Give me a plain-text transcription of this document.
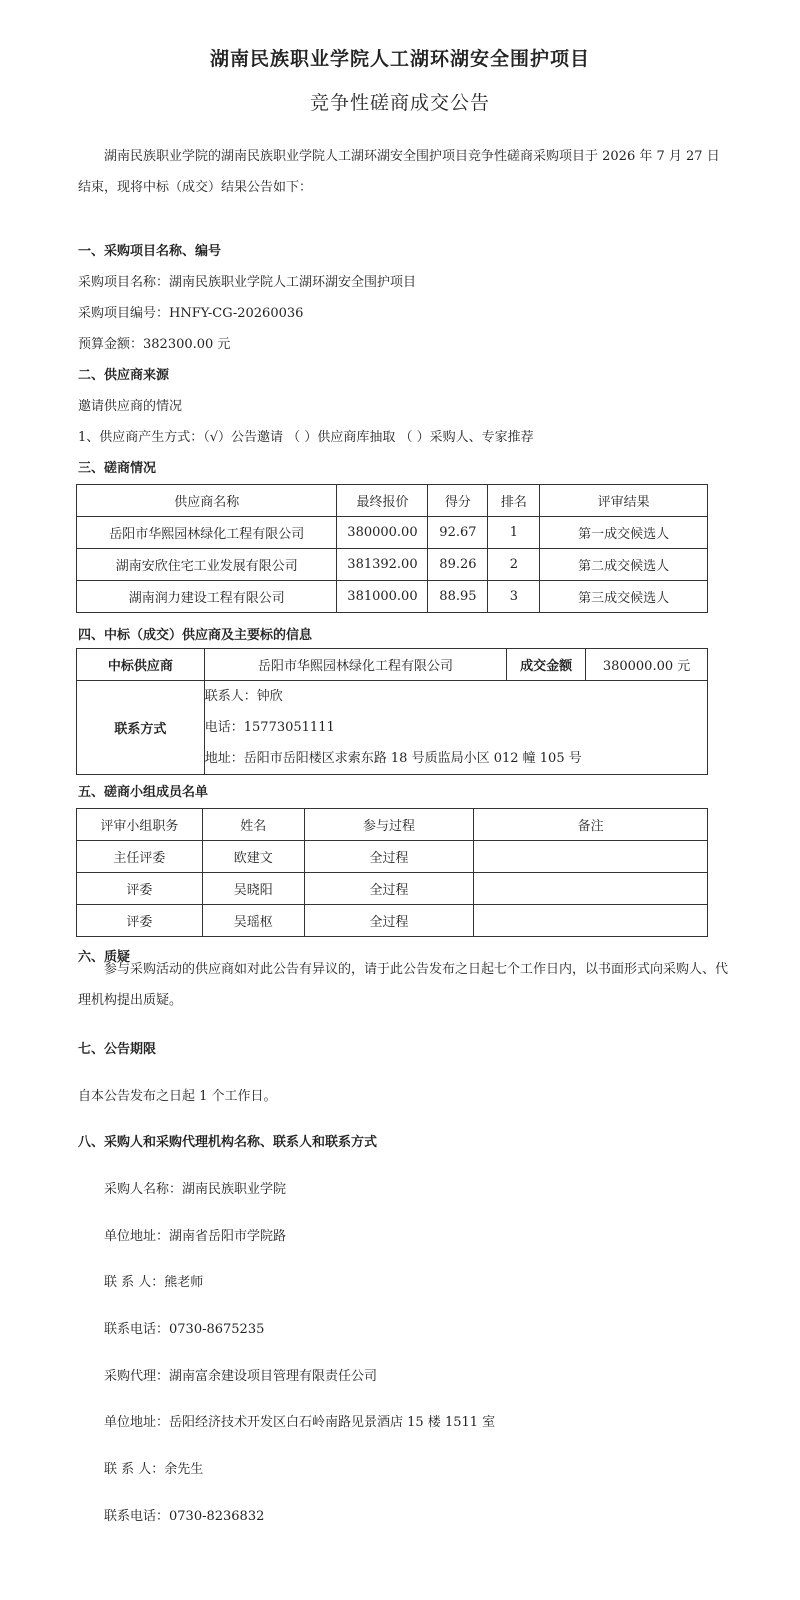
湖南民族职业学院人工湖环湖安全围护项目
竞争性磋商成交公告
湖南民族职业学院的湖南民族职业学院人工湖环湖安全围护项目竞争性磋商采购项目于 2026 年 7 月 27 日结束，现将中标（成交）结果公告如下：
一、采购项目名称、编号
采购项目名称：湖南民族职业学院人工湖环湖安全围护项目
采购项目编号：HNFY-CG-20260036
预算金额：382300.00 元
二、供应商来源
邀请供应商的情况
1、供应商产生方式：（√）公告邀请 （ ）供应商库抽取 （ ）采购人、专家推荐
三、磋商情况
供应商名称	最终报价	得分	排名	评审结果
岳阳市华熙园林绿化工程有限公司	380000.00	92.67	1	第一成交候选人
湖南安欣住宅工业发展有限公司	381392.00	89.26	2	第二成交候选人
湖南润力建设工程有限公司	381000.00	88.95	3	第三成交候选人
四、中标（成交）供应商及主要标的信息
中标供应商	岳阳市华熙园林绿化工程有限公司	成交金额	380000.00 元
联系方式	联系人：钟欣
电话：15773051111
地址：岳阳市岳阳楼区求索东路 18 号质监局小区 012 幢 105 号		
五、磋商小组成员名单
评审小组职务	姓名	参与过程	备注
主任评委	欧建文	全过程	
评委	吴晓阳	全过程	
评委	吴瑶枢	全过程	
六、质疑
参与采购活动的供应商如对此公告有异议的，请于此公告发布之日起七个工作日内，以书面形式向采购人、代理机构提出质疑。
七、公告期限
自本公告发布之日起 1 个工作日。
八、采购人和采购代理机构名称、联系人和联系方式
采购人名称：湖南民族职业学院
单位地址：湖南省岳阳市学院路
联 系 人：熊老师
联系电话：0730-8675235
采购代理：湖南富余建设项目管理有限责任公司
单位地址：岳阳经济技术开发区白石岭南路见景酒店 15 楼 1511 室
联 系 人：余先生
联系电话：0730-8236832
